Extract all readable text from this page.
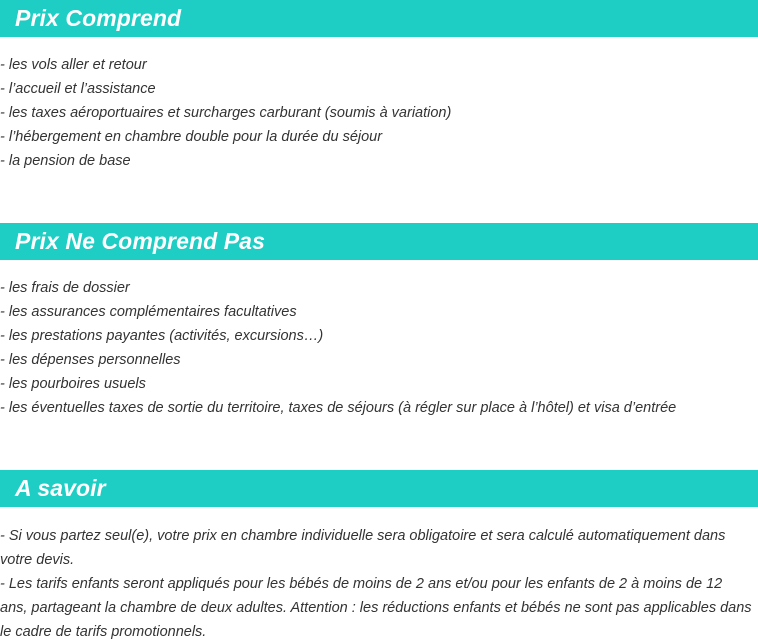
Prix Comprend
- les vols aller et retour
- l’accueil et l’assistance
- les taxes aéroportuaires et surcharges carburant (soumis à variation)
- l’hébergement en chambre double pour la durée du séjour
- la pension de base
Prix Ne Comprend Pas
- les frais de dossier
- les assurances complémentaires facultatives
- les prestations payantes (activités, excursions…)
- les dépenses personnelles
- les pourboires usuels
- les éventuelles taxes de sortie du territoire, taxes de séjours (à régler sur place à l’hôtel) et visa d’entrée
A savoir
- Si vous partez seul(e), votre prix en chambre individuelle sera obligatoire et sera calculé automatiquement dans votre devis.
- Les tarifs enfants seront appliqués pour les bébés de moins de 2 ans et/ou pour les enfants de 2 à moins de 12 ans, partageant la chambre de deux adultes. Attention : les réductions enfants et bébés ne sont pas applicables dans le cadre de tarifs promotionnels.
